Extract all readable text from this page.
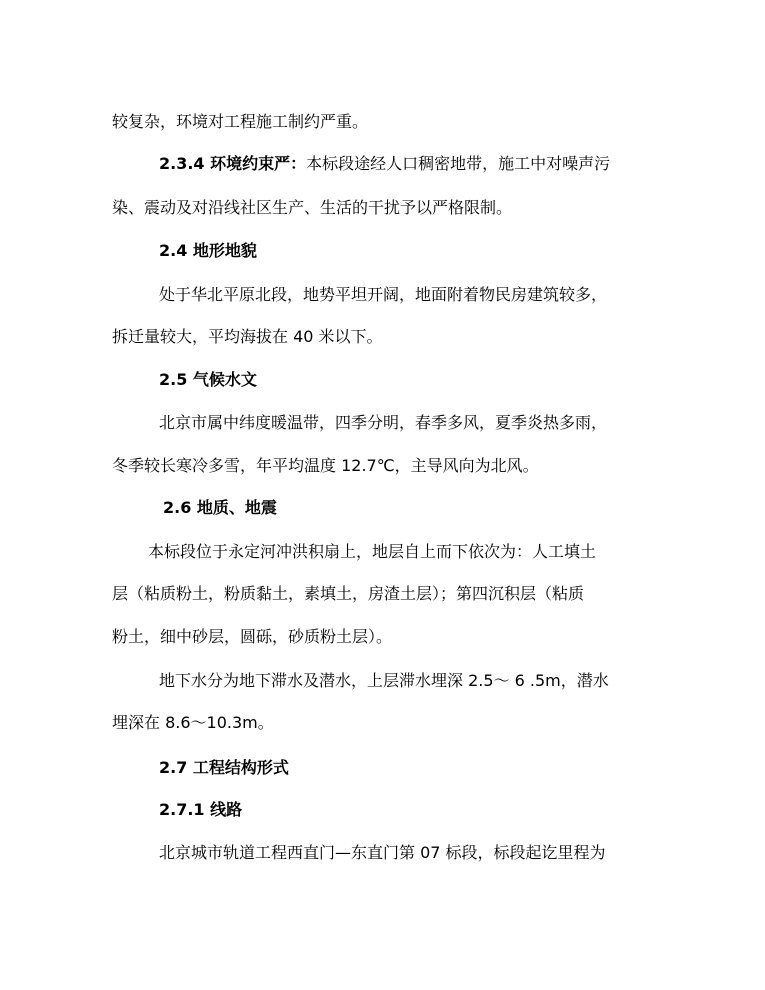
较复杂，环境对工程施工制约严重。
2.3.4 环境约束严：本标段途经人口稠密地带，施工中对噪声污
染、震动及对沿线社区生产、生活的干扰予以严格限制。
2.4 地形地貌
处于华北平原北段，地势平坦开阔，地面附着物民房建筑较多，
拆迁量较大，平均海拔在 40 米以下。
2.5 气候水文
北京市属中纬度暖温带，四季分明，春季多风，夏季炎热多雨，
冬季较长寒冷多雪，年平均温度 12.7℃，主导风向为北风。
2.6 地质、地震
本标段位于永定河冲洪积扇上，地层自上而下依次为：人工填土
层（粘质粉土，粉质黏土，素填土，房渣土层）；第四沉积层（粘质
粉土，细中砂层，圆砾，砂质粉土层）。
地下水分为地下滞水及潜水，上层滞水埋深 2.5～ 6 .5m，潜水
埋深在 8.6～10.3m。
2.7 工程结构形式
2.7.1 线路
北京城市轨道工程西直门—东直门第 07 标段，标段起讫里程为
